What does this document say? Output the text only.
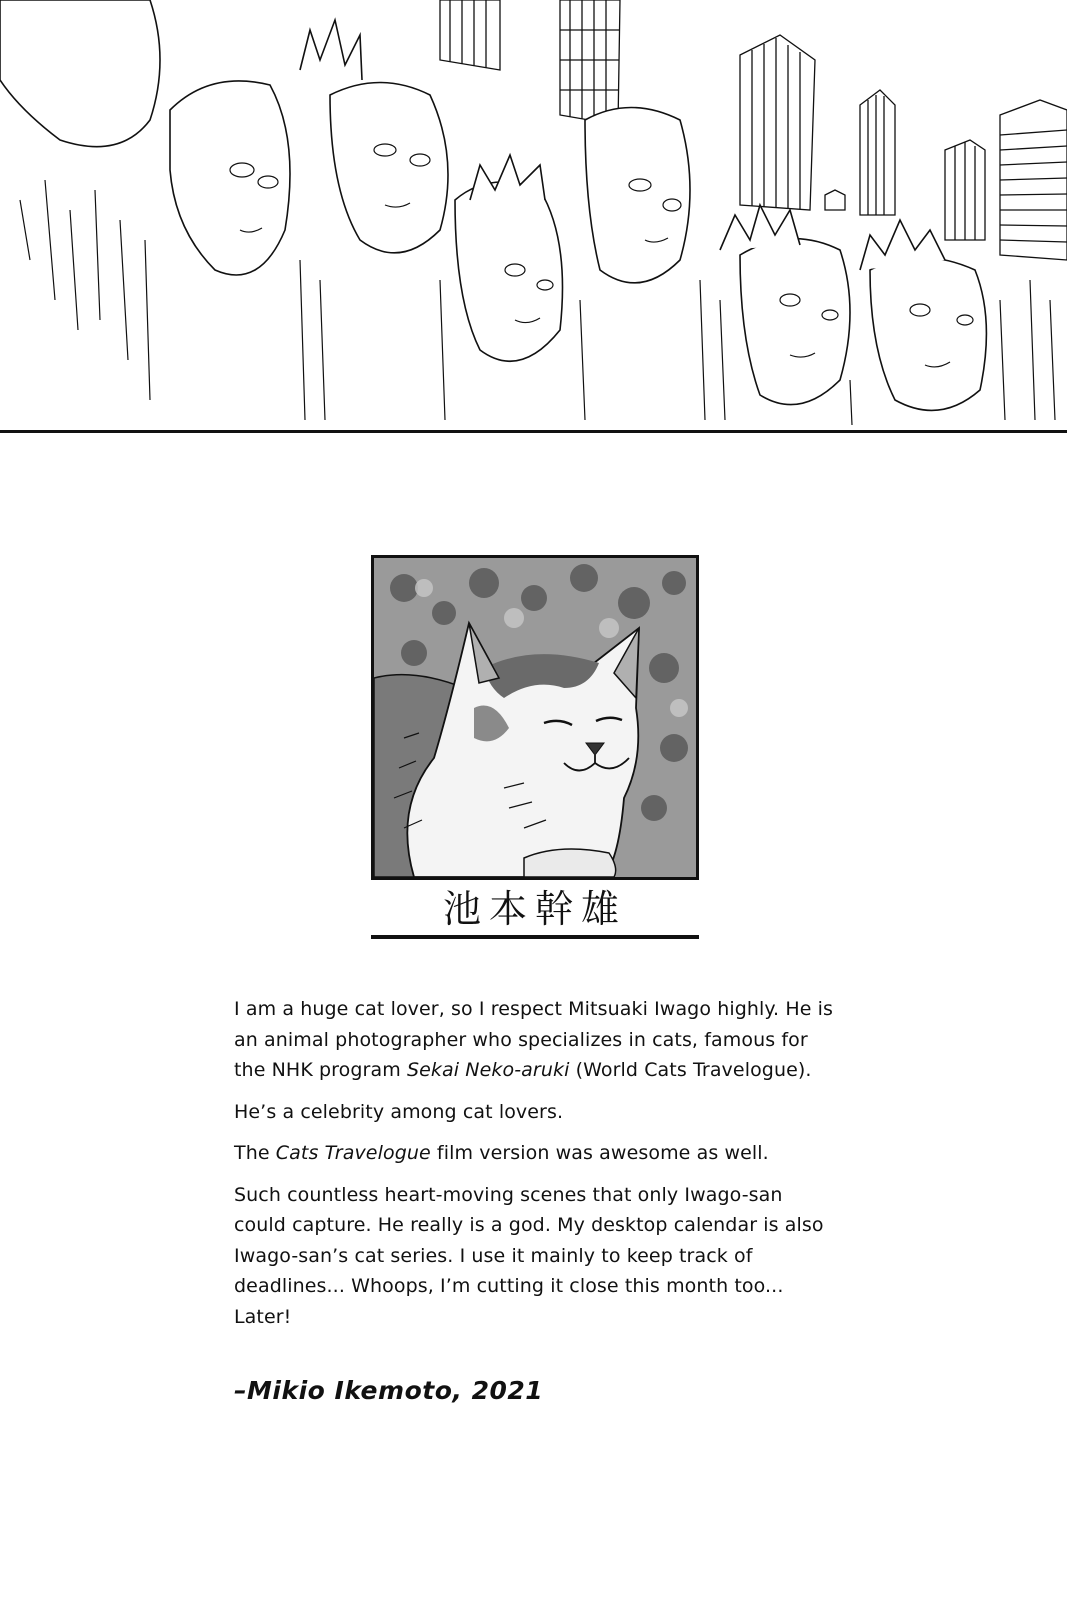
池本幹雄

I am a huge cat lover, so I respect Mitsuaki Iwago highly. He is an animal photographer who specializes in cats, famous for the NHK program Sekai Neko-aruki (World Cats Travelogue).

He’s a celebrity among cat lovers.

The Cats Travelogue film version was awesome as well.

Such countless heart-moving scenes that only Iwago-san could capture. He really is a god. My desktop calendar is also Iwago-san’s cat series. I use it mainly to keep track of deadlines... Whoops, I’m cutting it close this month too... Later!

–Mikio Ikemoto, 2021
